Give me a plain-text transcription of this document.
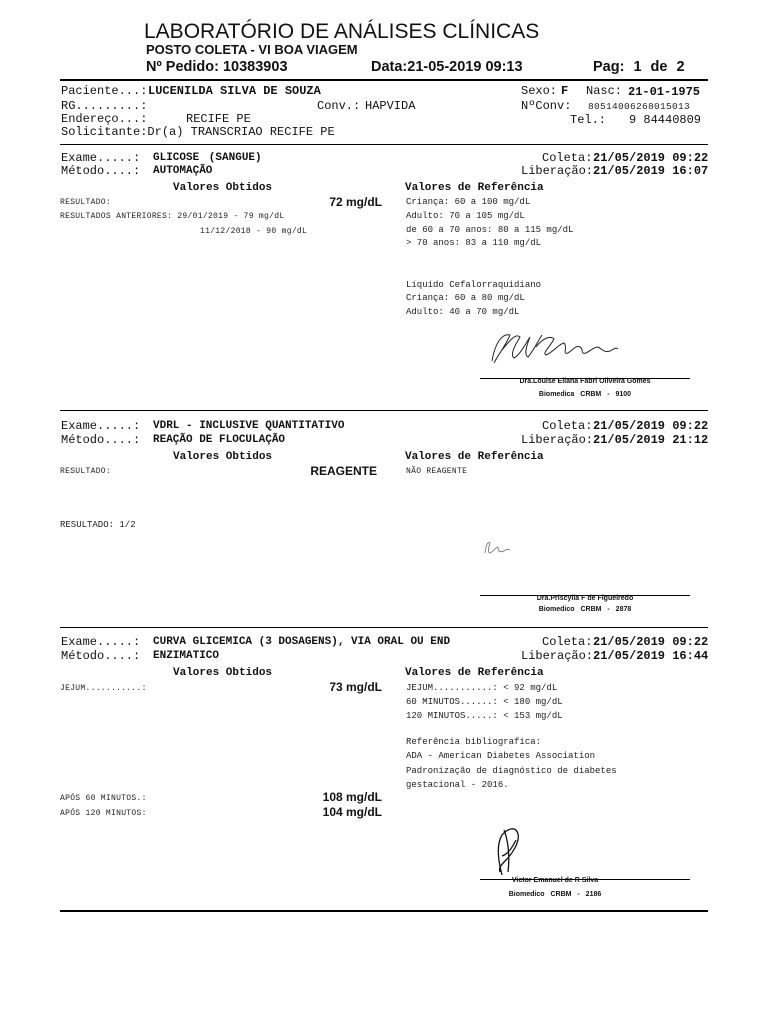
LABORATÓRIO DE ANÁLISES CLÍNICAS
POSTO COLETA - VI BOA VIAGEM
Nº Pedido: 10383903	Data:21-05-2019 09:13	Pag: 1 de 2
Paciente...: LUCENILDA SILVA DE SOUZA	Sexo: F Nasc: 21-01-1975
RG.........:	Conv.: HAPVIDA	NºConv: 80514006268015013
Endereço...:	RECIFE PE	Tel.: 9 84440809
Solicitante:Dr(a) TRANSCRIAO RECIFE PE
Exame.....: GLICOSE (SANGUE)
Método....: AUTOMAÇÃO
Coleta: 21/05/2019 09:22
Liberação: 21/05/2019 16:07
Valores Obtidos	Valores de Referência
RESULTADO:	72 mg/dL
RESULTADOS ANTERIORES: 29/01/2019 - 79 mg/dL
11/12/2018 - 90 mg/dL
Criança: 60 a 100 mg/dL
Adulto: 70 a 105 mg/dL
de 60 a 70 anos: 80 a 115 mg/dL
> 70 anos: 83 a 110 mg/dL
Líquido Cefalorraquidiano
Criança: 60 a 80 mg/dL
Adulto: 40 a 70 mg/dL
Dra.Louise Eliana Fabri Oliveira Gomes
Biomedica CRBM - 9100
Exame.....: VDRL - INCLUSIVE QUANTITATIVO
Método....: REAÇÃO DE FLOCULAÇÃO
Coleta: 21/05/2019 09:22
Liberação: 21/05/2019 21:12
Valores Obtidos	Valores de Referência
RESULTADO:	REAGENTE	NÃO REAGENTE
RESULTADO: 1/2
Dra.Priscylla F de Figueiredo
Biomedico CRBM - 2878
Exame.....: CURVA GLICEMICA (3 DOSAGENS), VIA ORAL OU END
Método....: ENZIMATICO
Coleta: 21/05/2019 09:22
Liberação: 21/05/2019 16:44
Valores Obtidos	Valores de Referência
JEJUM...........:	73 mg/dL	JEJUM...........: < 92 mg/dL
60 MINUTOS......: < 180 mg/dL
120 MINUTOS.....: < 153 mg/dL
Referência bibliografica:
ADA - American Diabetes Association
Padronização de diagnóstico de diabetes
gestacional - 2016.
APÓS 60 MINUTOS.:	108 mg/dL
APÓS 120 MINUTOS:	104 mg/dL
Victor Emanuel de R Silva
Biomedico CRBM - 2186
